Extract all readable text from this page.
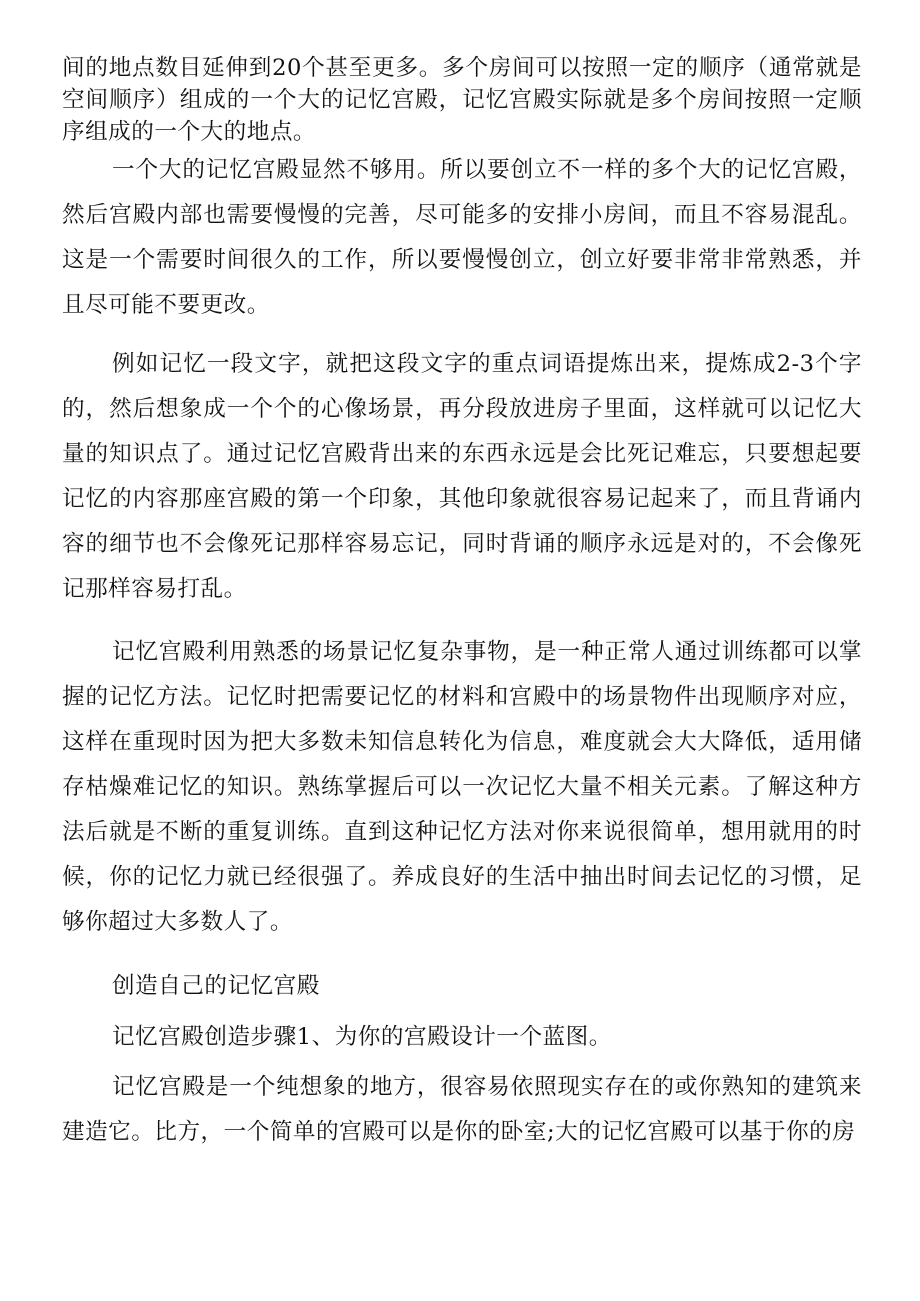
间的地点数目延伸到20个甚至更多。多个房间可以按照一定的顺序（通常就是空间顺序）组成的一个大的记忆宫殿，记忆宫殿实际就是多个房间按照一定顺序组成的一个大的地点。

一个大的记忆宫殿显然不够用。所以要创立不一样的多个大的记忆宫殿，然后宫殿内部也需要慢慢的完善，尽可能多的安排小房间，而且不容易混乱。这是一个需要时间很久的工作，所以要慢慢创立，创立好要非常非常熟悉，并且尽可能不要更改。

例如记忆一段文字，就把这段文字的重点词语提炼出来，提炼成2-3个字的，然后想象成一个个的心像场景，再分段放进房子里面，这样就可以记忆大量的知识点了。通过记忆宫殿背出来的东西永远是会比死记难忘，只要想起要记忆的内容那座宫殿的第一个印象，其他印象就很容易记起来了，而且背诵内容的细节也不会像死记那样容易忘记，同时背诵的顺序永远是对的，不会像死记那样容易打乱。

记忆宫殿利用熟悉的场景记忆复杂事物，是一种正常人通过训练都可以掌握的记忆方法。记忆时把需要记忆的材料和宫殿中的场景物件出现顺序对应，这样在重现时因为把大多数未知信息转化为信息，难度就会大大降低，适用储存枯燥难记忆的知识。熟练掌握后可以一次记忆大量不相关元素。了解这种方法后就是不断的重复训练。直到这种记忆方法对你来说很简单，想用就用的时候，你的记忆力就已经很强了。养成良好的生活中抽出时间去记忆的习惯，足够你超过大多数人了。

创造自己的记忆宫殿

记忆宫殿创造步骤1、为你的宫殿设计一个蓝图。

记忆宫殿是一个纯想象的地方，很容易依照现实存在的或你熟知的建筑来建造它。比方，一个简单的宫殿可以是你的卧室;大的记忆宫殿可以基于你的房
